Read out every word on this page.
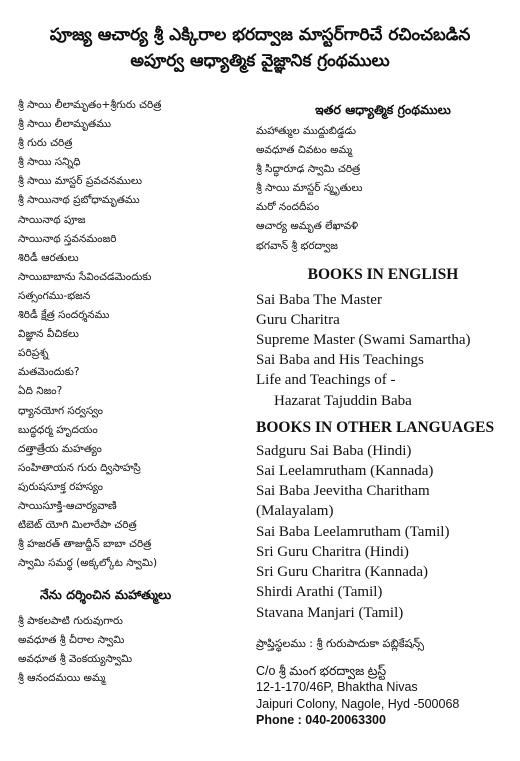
పూజ్య ఆచార్య శ్రీ ఎక్కిరాల భరద్వాజ మాస్టర్‌గారిచే రచించబడిన
అపూర్వ ఆధ్యాత్మిక వైజ్ఞానిక గ్రంథములు
శ్రీ సాయి లీలామృతం+శ్రీగురు చరిత్ర
శ్రీ సాయి లీలామృతము
శ్రీ గురు చరిత్ర
శ్రీ సాయి సన్నిధి
శ్రీ సాయి మాస్టర్ ప్రవచనములు
శ్రీ సాయినాథ ప్రబోధామృతము
సాయినాథ పూజ
సాయినాథ స్తవనమంజరి
శిరిడీ ఆరతులు
సాయిబాబాను సేవించడమెందుకు
సత్సంగము-భజన
శిరిడీ క్షేత్ర సందర్శనము
విజ్ఞాన వీచికలు
పరిప్రశ్న
మతమెందుకు?
ఏది నిజం?
ధ్యానయోగ సర్వస్వం
బుద్ధధర్మ హృదయం
దత్తాత్రేయ మహత్యం
సంహితాయన గురు ద్విసాహస్రి
పురుషసూక్త రహస్యం
సాయిసూక్తి-ఆచార్యవాణి
టిబెట్ యోగి మిలారేపా చరిత్ర
శ్రీ హజరత్ తాజుద్దీన్ బాబా చరిత్ర
స్వామి సమర్థ (అక్కల్కోట స్వామి)
నేను దర్శించిన మహాత్ములు
శ్రీ పాకలపాటి గురువుగారు
అవధూత శ్రీ చీరాల స్వామి
అవధూత శ్రీ వెంకయ్యస్వామి
శ్రీ ఆనందమయి అమ్మ
ఇతర ఆధ్యాత్మిక గ్రంథములు
మహాత్ముల ముద్దుబిడ్డడు
అవధూత చివటం అమ్మ
శ్రీ సిద్ధారూఢ స్వామి చరిత్ర
శ్రీ సాయి మాస్టర్ స్మృతులు
మరో నందదీపం
ఆచార్య అమృత లేఖావళి
భగవాన్ శ్రీ భరద్వాజ
BOOKS IN ENGLISH
Sai Baba The Master
Guru Charitra
Supreme Master (Swami Samartha)
Sai Baba and His Teachings
Life and Teachings of -
Hazarat Tajuddin Baba
BOOKS IN OTHER LANGUAGES
Sadguru Sai Baba (Hindi)
Sai Leelamrutham (Kannada)
Sai Baba Jeevitha Charitham
(Malayalam)
Sai Baba Leelamrutham (Tamil)
Sri Guru Charitra (Hindi)
Sri Guru Charitra (Kannada)
Shirdi Arathi (Tamil)
Stavana Manjari (Tamil)
ప్రాప్తిస్థలము : శ్రీ గురుపాదుకా పబ్లికేషన్స్
C/o శ్రీ మంగ భరద్వాజ ట్రస్ట్
12-1-170/46P, Bhaktha Nivas
Jaipuri Colony, Nagole, Hyd -500068
Phone : 040-20063300
